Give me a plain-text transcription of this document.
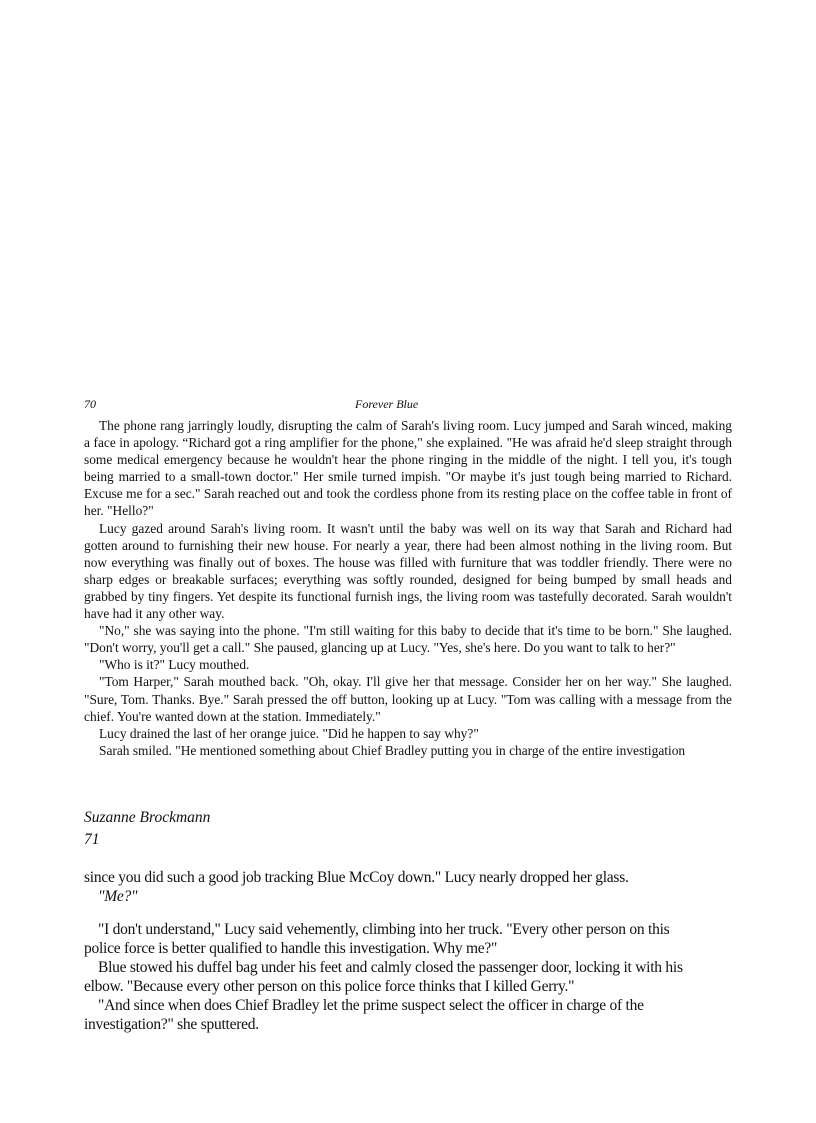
70	Forever Blue

The phone rang jarringly loudly, disrupting the calm of Sarah's living room. Lucy jumped and Sarah winced, making a face in apology. “Richard got a ring amplifier for the phone," she explained. "He was afraid he'd sleep straight through some medical emergency because he wouldn't hear the phone ringing in the middle of the night. I tell you, it's tough being married to a small-town doctor." Her smile turned impish. "Or maybe it's just tough being married to Richard. Excuse me for a sec." Sarah reached out and took the cordless phone from its resting place on the coffee table in front of her. "Hello?"

Lucy gazed around Sarah's living room. It wasn't until the baby was well on its way that Sarah and Richard had gotten around to furnishing their new house. For nearly a year, there had been almost nothing in the living room. But now everything was finally out of boxes. The house was filled with furniture that was toddler friendly. There were no sharp edges or breakable surfaces; everything was softly rounded, designed for being bumped by small heads and grabbed by tiny fingers. Yet despite its functional furnish ings, the living room was tastefully decorated. Sarah wouldn't have had it any other way.

"No," she was saying into the phone. "I'm still waiting for this baby to decide that it's time to be born." She laughed. "Don't worry, you'll get a call." She paused, glancing up at Lucy. "Yes, she's here. Do you want to talk to her?"

"Who is it?" Lucy mouthed.

"Tom Harper," Sarah mouthed back. "Oh, okay. I'll give her that message. Consider her on her way." She laughed. "Sure, Tom. Thanks. Bye." Sarah pressed the off button, looking up at Lucy. "Tom was calling with a message from the chief. You're wanted down at the station. Immediately."

Lucy drained the last of her orange juice. "Did he happen to say why?"

Sarah smiled. "He mentioned something about Chief Bradley putting you in charge of the entire investigation

Suzanne Brockmann
71

since you did such a good job tracking Blue McCoy down." Lucy nearly dropped her glass.

"Me?"

"I don't understand," Lucy said vehemently, climbing into her truck. "Every other person on this police force is better qualified to handle this investigation. Why me?"

Blue stowed his duffel bag under his feet and calmly closed the passenger door, locking it with his elbow. "Because every other person on this police force thinks that I killed Gerry."

"And since when does Chief Bradley let the prime suspect select the officer in charge of the investigation?" she sputtered.
